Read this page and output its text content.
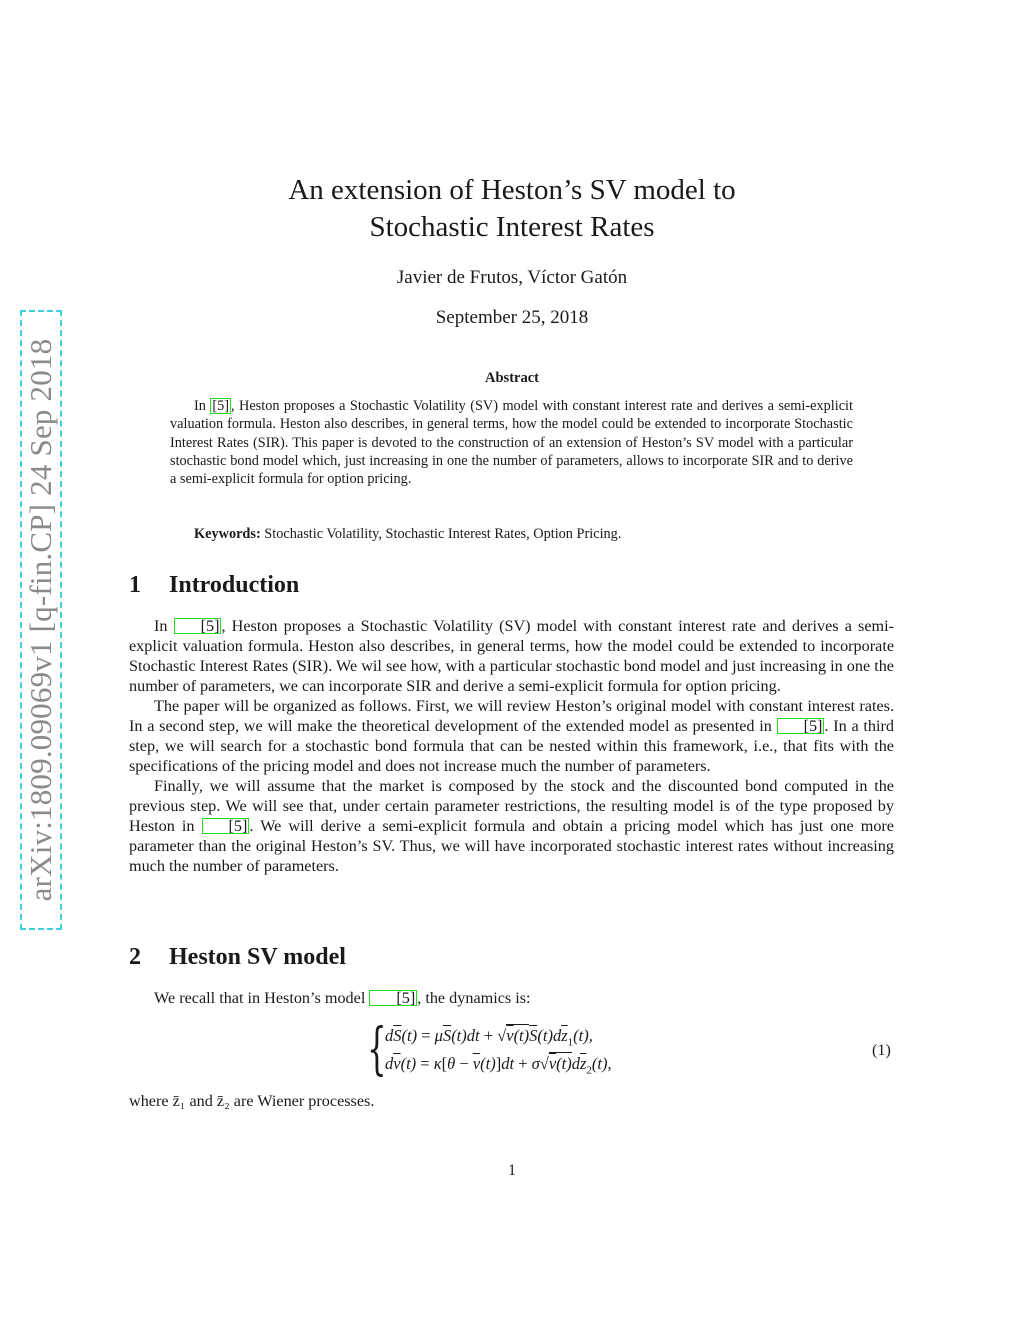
arXiv:1809.09069v1 [q-fin.CP] 24 Sep 2018
An extension of Heston’s SV model to
Stochastic Interest Rates
Javier de Frutos, Víctor Gatón
September 25, 2018
Abstract
In [5] , Heston proposes a Stochastic Volatility (SV) model with constant interest rate and derives a semi-explicit valuation formula. Heston also describes, in general terms, how the model could be extended to incorporate Stochastic Interest Rates (SIR). This paper is devoted to the construction of an extension of Heston’s SV model with a particular stochastic bond model which, just increasing in one the number of parameters, allows to incorporate SIR and to derive a semi-explicit formula for option pricing.
Keywords: Stochastic Volatility, Stochastic Interest Rates, Option Pricing.
1 Introduction

In [5] , Heston proposes a Stochastic Volatility (SV) model with constant interest rate and derives a semi-explicit valuation formula. Heston also describes, in general terms, how the model could be extended to incorporate Stochastic Interest Rates (SIR). We wil see how, with a particular stochastic bond model and just increasing in one the number of parameters, we can incorporate SIR and derive a semi-explicit formula for option pricing.

The paper will be organized as follows. First, we will review Heston’s original model with constant interest rates. In a second step, we will make the theoretical development of the extended model as presented in [5] . In a third step, we will search for a stochastic bond formula that can be nested within this framework, i.e., that fits with the specifications of the pricing model and does not increase much the number of parameters.

Finally, we will assume that the market is composed by the stock and the discounted bond computed in the previous step. We will see that, under certain parameter restrictions, the resulting model is of the type proposed by Heston in [5] . We will derive a semi-explicit formula and obtain a pricing model which has just one more parameter than the original Heston’s SV. Thus, we will have incorporated stochastic interest rates without increasing much the number of parameters.

2 Heston SV model

We recall that in Heston’s model [5] , the dynamics is:

{
$d\overline{S}(t) = \mu\overline{S}(t)dt + √v(t)\overline{S}(t)d\overline{z}_1(t)$,
$d\overline{v}(t) = \kappa[\theta - \overline{v}(t)]dt + \sigma√v(t)d\overline{z}_2(t)$,
(1)
where z̄₁ and z̄₂ are Wiener processes.
1
